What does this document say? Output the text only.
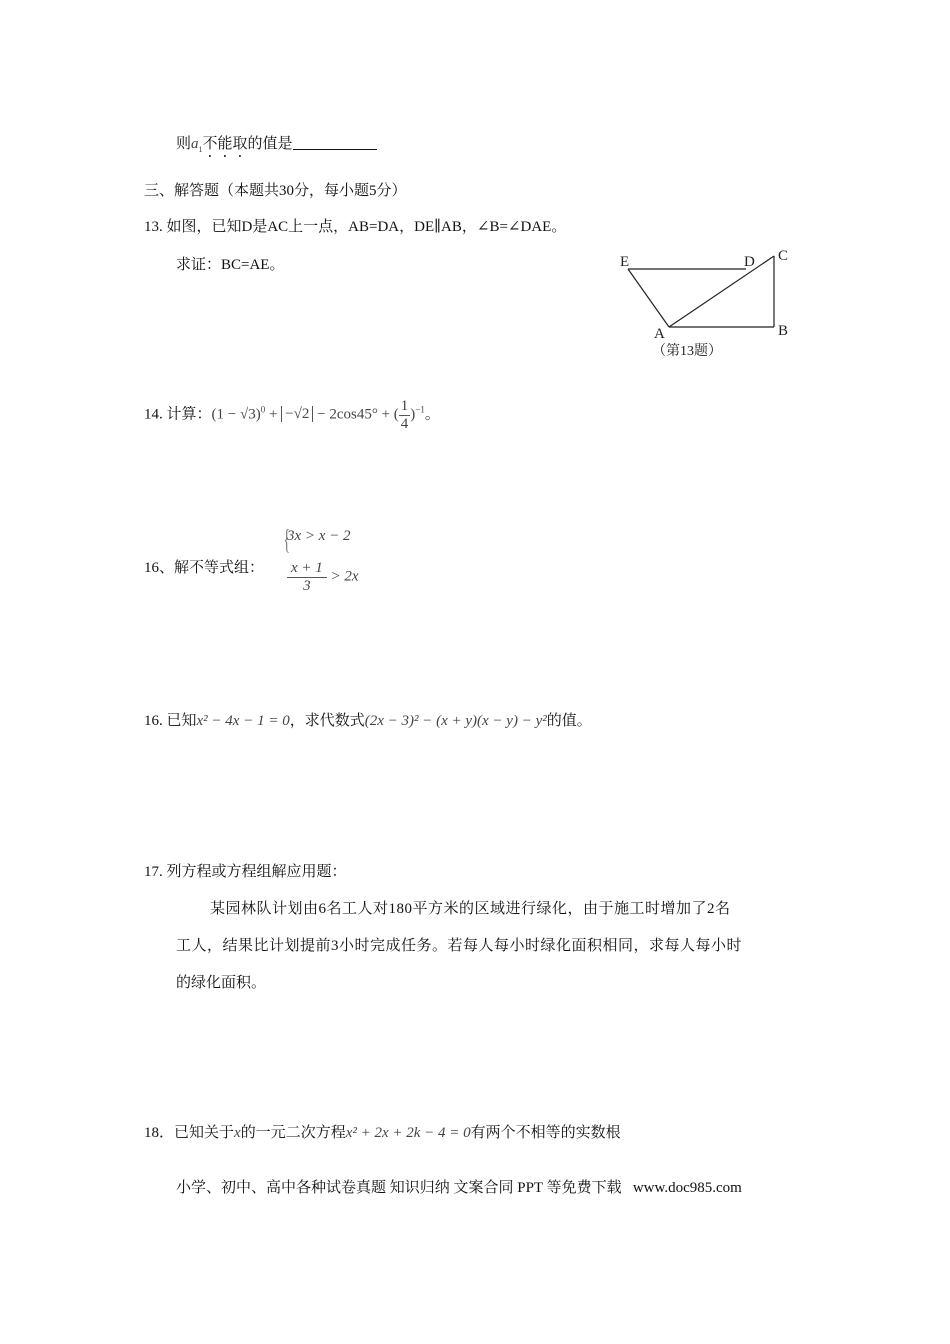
则$a_1$不能取的值是
三、解答题（本题共30分，每小题5分）
13. 如图，已知D是AC上一点，AB=DA，DE∥AB，∠B=∠DAE。
求证：BC=AE。	E	D C
A	B
（第13题）
14. 计算：$(1 - √3)^0 + -√2 - 2\cos 45^\circ$ + ( $\frac{1}{4} )^{-1}$。
16、解不等式组：
{
3x > x − 2
$\frac{x + 1}{3} > 2x$
16. 已知x² − 4x − 1 = 0，求代数式(2x − 3)² − (x + y)(x − y) − y²的值。
17. 列方程或方程组解应用题：
某园林队计划由6名工人对180平方米的区域进行绿化，由于施工时增加了2名
工人，结果比计划提前3小时完成任务。若每人每小时绿化面积相同，求每人每小时
的绿化面积。
18．已知关于x的一元二次方程x² + 2x + 2k − 4 = 0有两个不相等的实数根
小学、初中、高中各种试卷真题 知识归纳 文案合同 PPT 等免费下载   www.doc985.com
